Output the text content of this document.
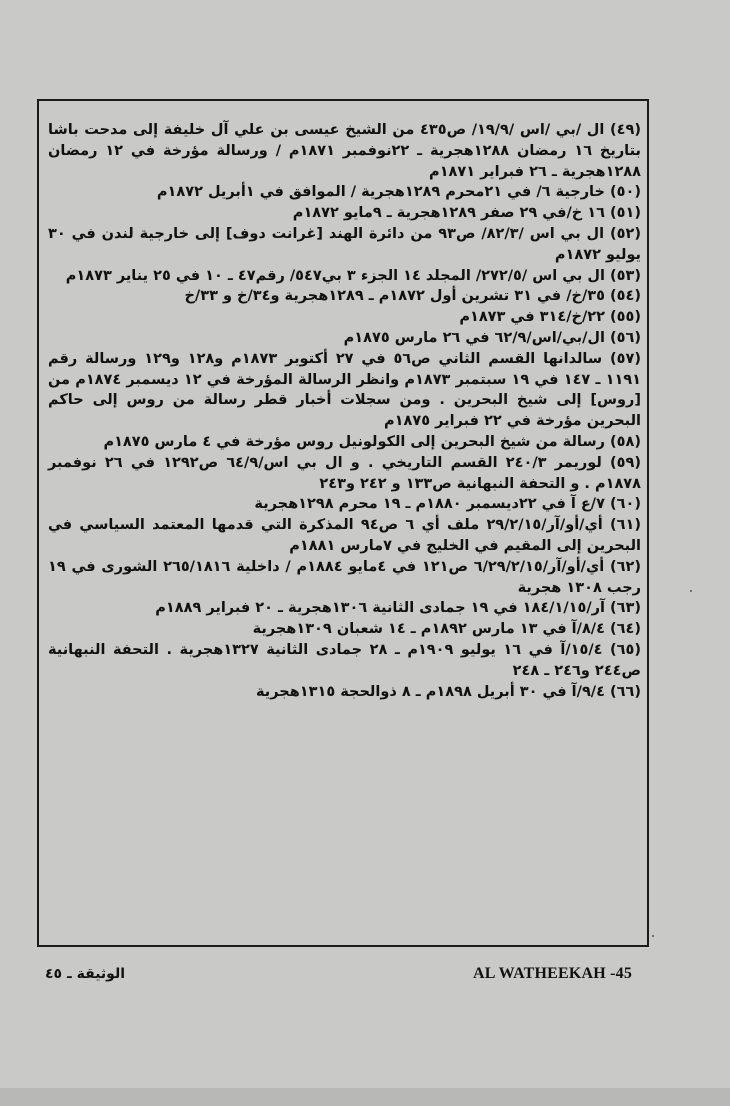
(٤٩) ال /بي /اس /١٩/٩/ ص٤٣٥ من الشيخ عيسى بن علي آل خليفة إلى مدحت باشا بتاريخ ١٦ رمضان ١٢٨٨هجرية ـ ٢٢نوفمبر ١٨٧١م / ورسالة مؤرخة في ١٢ رمضان ١٢٨٨هجرية ـ ٢٦ فبراير ١٨٧١م

(٥٠) خارجية ٦/ في ٢١محرم ١٢٨٩هجرية / الموافق في ١أبريل ١٨٧٢م

(٥١) ١٦ خ/في ٢٩ صفر ١٢٨٩هجرية ـ ٩مايو ١٨٧٢م

(٥٢) ال بي اس /٨٢/٣/ ص٩٣ من دائرة الهند [غرانت دوف] إلى خارجية لندن في ٣٠ يوليو ١٨٧٢م

(٥٣) ال بي اس /٢٧٢/٥/ المجلد ١٤ الجزء ٣ بي٥٤٧/ رقم٤٧ ـ ١٠ في ٢٥ يناير ١٨٧٣م

(٥٤) ٣٥/خ/ في ٣١ تشرين أول ١٨٧٢م ـ ١٢٨٩هجرية و٣٤/خ و ٣٣/خ

(٥٥) ٢٢/خ/٣١٤ في ١٨٧٣م

(٥٦) ال/بي/اس/٦٢/٩ في ٢٦ مارس ١٨٧٥م

(٥٧) سالدانها القسم الثاني ص٥٦ في ٢٧ أكتوبر ١٨٧٣م و١٢٨ و١٢٩ ورسالة رقم ١١٩١ ـ ١٤٧ في ١٩ سبتمبر ١٨٧٣م وانظر الرسالة المؤرخة في ١٢ ديسمبر ١٨٧٤م من [روس] إلى شيخ البحرين . ومن سجلات أخبار قطر رسالة من روس إلى حاكم البحرين مؤرخة في ٢٢ فبراير ١٨٧٥م

(٥٨) رسالة من شيخ البحرين إلى الكولونيل روس مؤرخة في ٤ مارس ١٨٧٥م

(٥٩) لوريمر ٢٤٠/٣ القسم التاريخي . و ال بي اس/٦٤/٩ ص١٢٩٢ في ٢٦ نوفمبر ١٨٧٨م . و التحفة النبهانية ص١٣٣ و ٢٤٢ و٢٤٣

(٦٠) ٧/ع آ في ٢٢ديسمبر ١٨٨٠م ـ ١٩ محرم ١٢٩٨هجرية

(٦١) أي/أو/آر/٢٩/٢/١٥ ملف أي ٦ ص٩٤ المذكرة التي قدمها المعتمد السياسي في البحرين إلى المقيم في الخليج في ٧مارس ١٨٨١م

(٦٢) أي/أو/آر/٦/٢٩/٢/١٥ ص١٢١ في ٤مايو ١٨٨٤م / داخلية ٢٦٥/١٨١٦ الشورى في ١٩ رجب ١٣٠٨ هجرية

(٦٣) آر/١٨٤/١/١٥ في ١٩ جمادى الثانية ١٣٠٦هجرية ـ ٢٠ فبراير ١٨٨٩م

(٦٤) ٨/٤/آ في ١٣ مارس ١٨٩٢م ـ ١٤ شعبان ١٣٠٩هجرية

(٦٥) ١٥/٤/آ في ١٦ يوليو ١٩٠٩م ـ ٢٨ جمادى الثانية ١٣٢٧هجرية . التحفة النبهانية ص٢٤٤ و٢٤٦ ـ ٢٤٨

(٦٦) ٩/٤/آ في ٣٠ أبريل ١٨٩٨م ـ ٨ ذوالحجة ١٣١٥هجرية

الوثيقة ـ ٤٥	AL WATHEEKAH -45
